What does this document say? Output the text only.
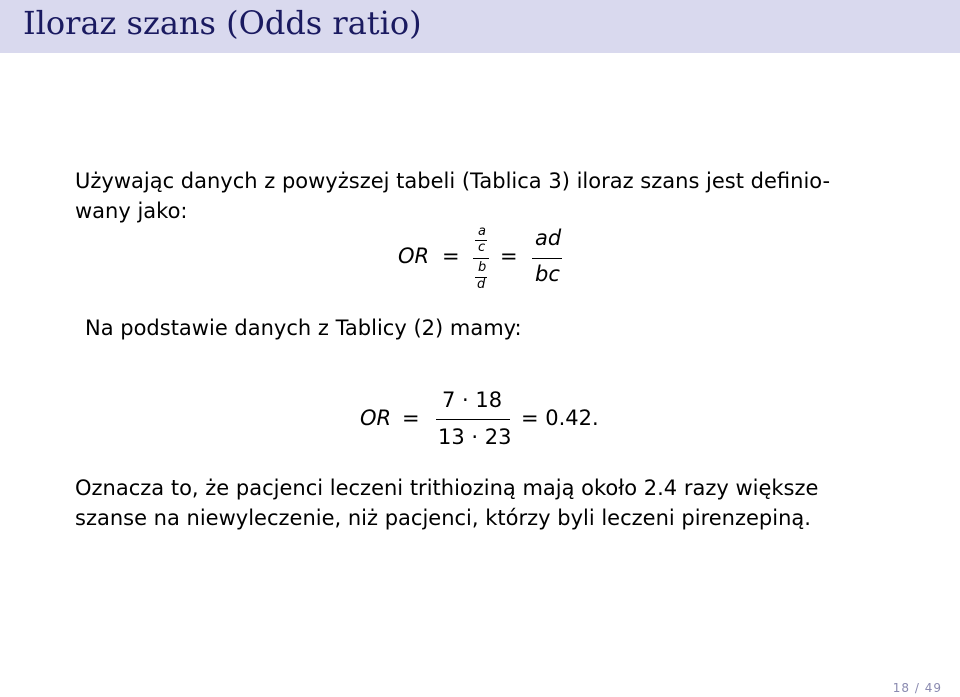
Iloraz szans (Odds ratio)
Używając danych z powyższej tabeli (Tablica 3) iloraz szans jest definio-
wany jako:
OR =
a
c
b
d
=
ad
bc
Na podstawie danych z Tablicy (2) mamy:
OR =
7 · 18
13 · 23
= 0.42.
Oznacza to, że pacjenci leczeni trithioziną mają około 2.4 razy większe
szanse na niewyleczenie, niż pacjenci, którzy byli leczeni pirenzepiną.
18 / 49
